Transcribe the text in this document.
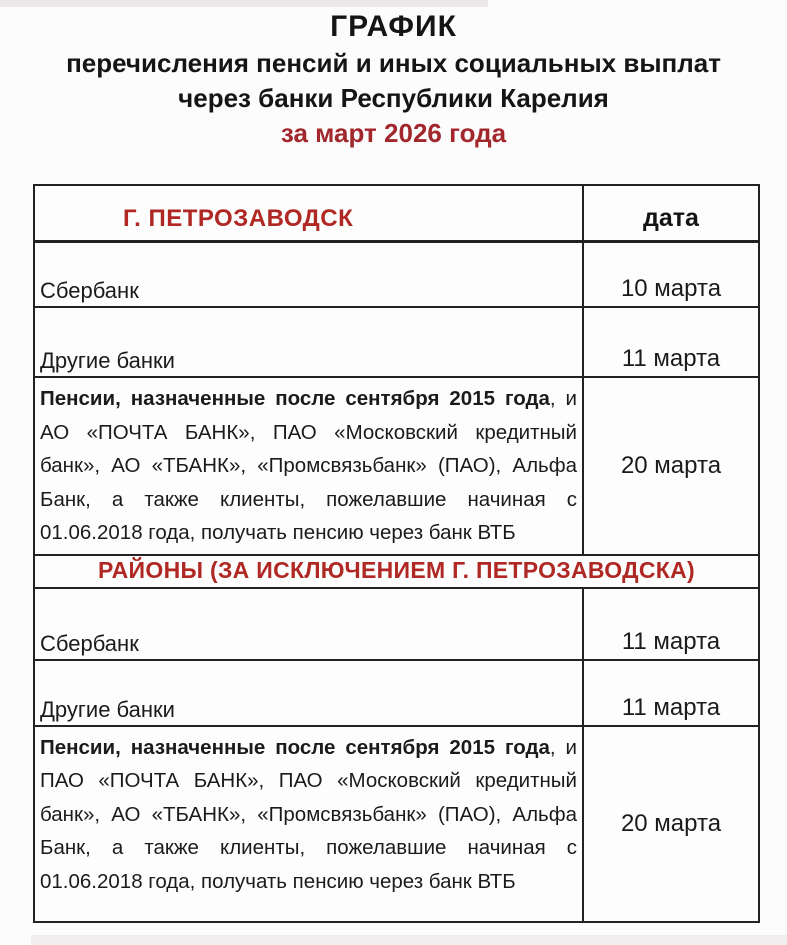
ГРАФИК
перечисления пенсий и иных социальных выплат
через банки Республики Карелия
за март 2026 года
Г. ПЕТРОЗАВОДСК	дата
Сбербанк	10 марта
Другие банки	11 марта
Пенсии, назначенные после сентября 2015 года, и АО «ПОЧТА БАНК», ПАО «Московский кредитный банк», АО «ТБАНК», «Промсвязьбанк» (ПАО), Альфа Банк, а также клиенты, пожелавшие начиная с 01.06.2018 года, получать пенсию через банк ВТБ	20 марта
РАЙОНЫ (ЗА ИСКЛЮЧЕНИЕМ Г. ПЕТРОЗАВОДСКА)	
Сбербанк	11 марта
Другие банки	11 марта
Пенсии, назначенные после сентября 2015 года, и ПАО «ПОЧТА БАНК», ПАО «Московский кредитный банк», АО «ТБАНК», «Промсвязьбанк» (ПАО), Альфа Банк, а также клиенты, пожелавшие начиная с 01.06.2018 года, получать пенсию через банк ВТБ	20 марта
